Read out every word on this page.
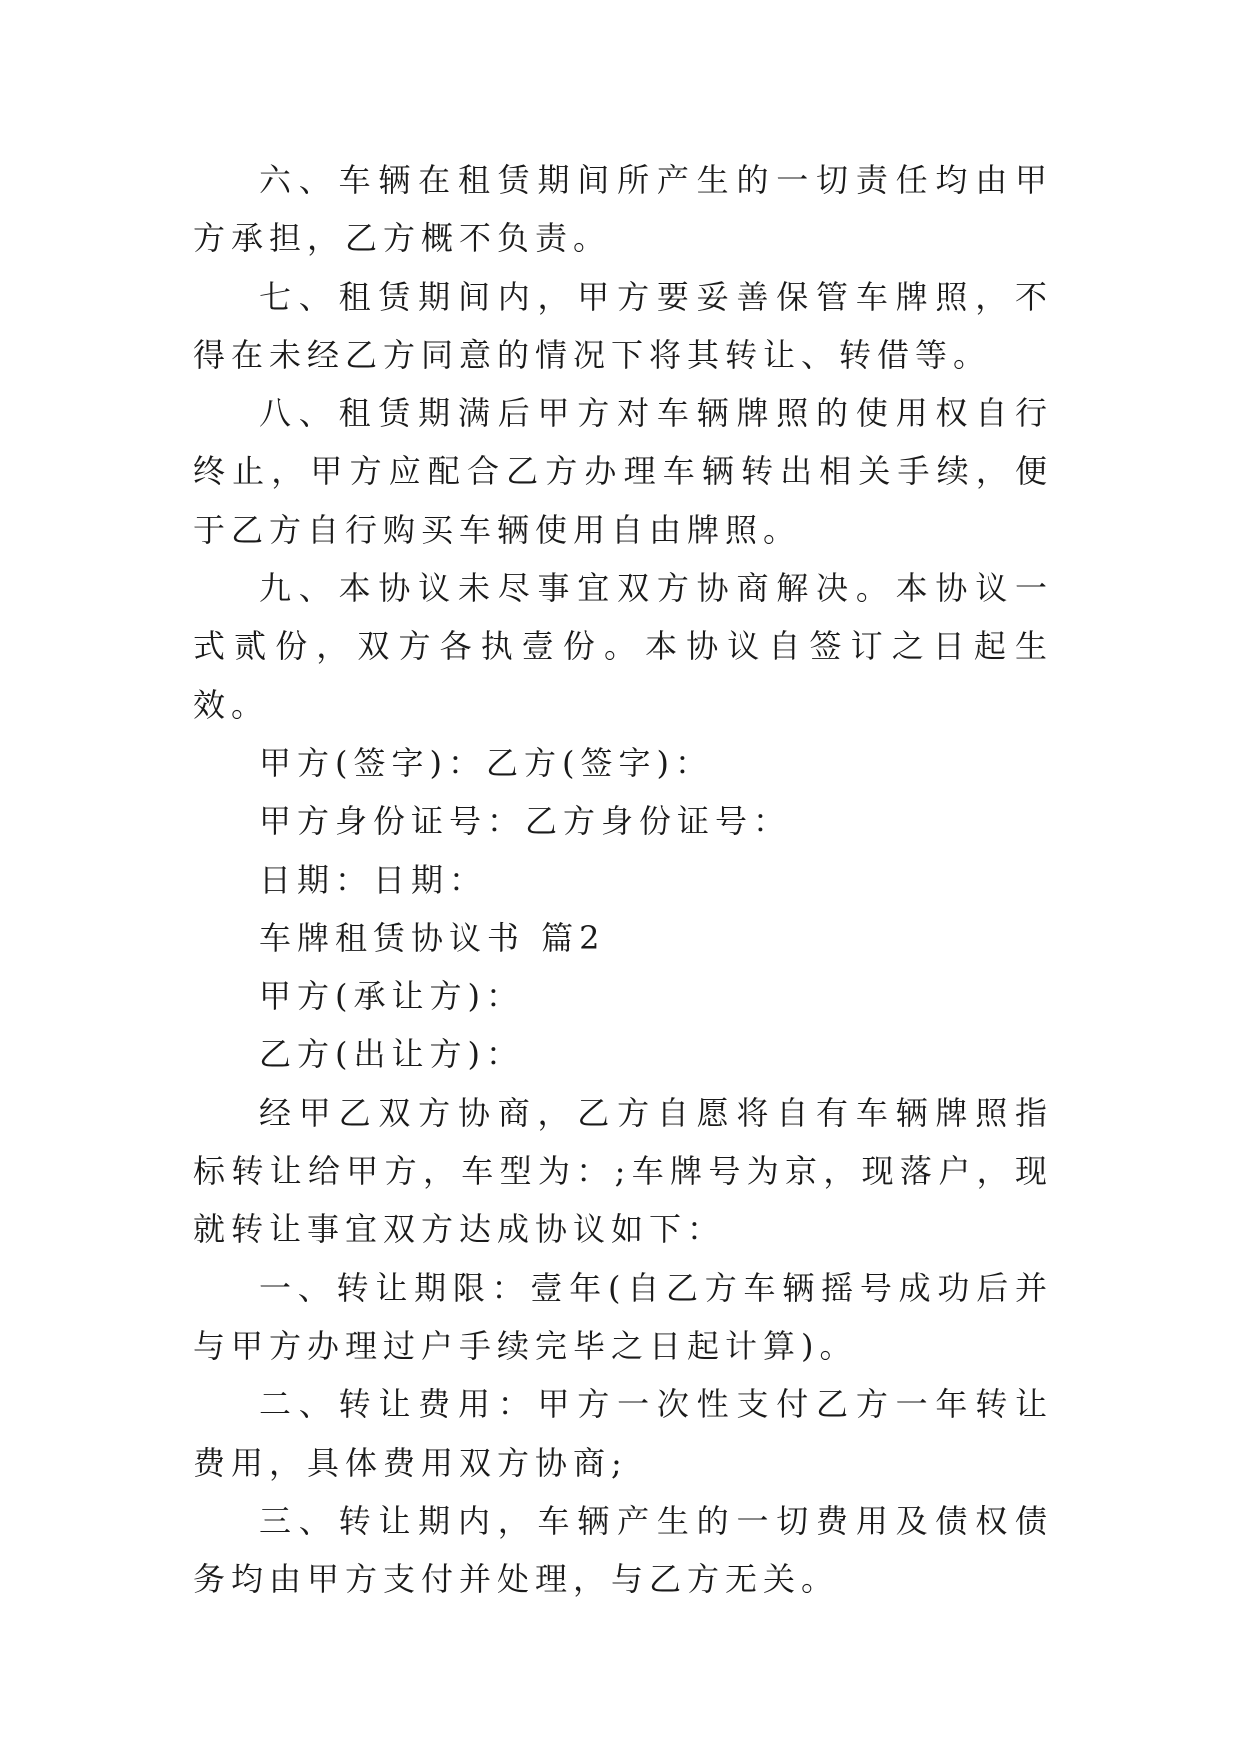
六、车辆在租赁期间所产生的一切责任均由甲方承担，乙方概不负责。

七、租赁期间内，甲方要妥善保管车牌照，不得在未经乙方同意的情况下将其转让、转借等。

八、租赁期满后甲方对车辆牌照的使用权自行终止，甲方应配合乙方办理车辆转出相关手续，便于乙方自行购买车辆使用自由牌照。

九、本协议未尽事宜双方协商解决。本协议一式贰份，双方各执壹份。本协议自签订之日起生效。

甲方(签字)：乙方(签字)：

甲方身份证号：乙方身份证号：

日期：日期：

车牌租赁协议书 篇2

甲方(承让方)：

乙方(出让方)：

经甲乙双方协商，乙方自愿将自有车辆牌照指标转让给甲方，车型为：;车牌号为京，现落户，现就转让事宜双方达成协议如下：

一、转让期限：壹年(自乙方车辆摇号成功后并与甲方办理过户手续完毕之日起计算)。

二、转让费用：甲方一次性支付乙方一年转让费用，具体费用双方协商;

三、转让期内，车辆产生的一切费用及债权债务均由甲方支付并处理，与乙方无关。
